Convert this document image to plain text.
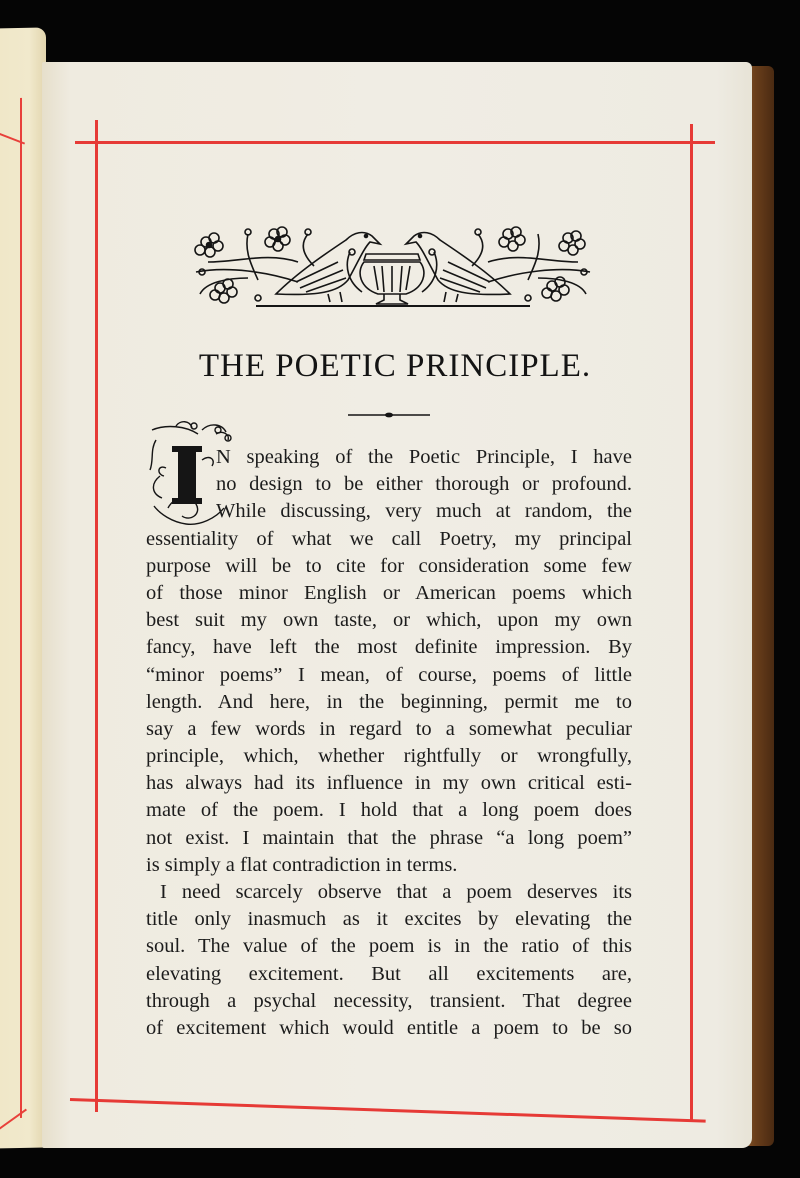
THE POETIC PRINCIPLE.
N speaking of the Poetic Principle, I have
no design to be either thorough or profound.
While discussing, very much at random, the
essentiality of what we call Poetry, my principal
purpose will be to cite for consideration some few
of those minor English or American poems which
best suit my own taste, or which, upon my own
fancy, have left the most definite impression. By
“minor poems” I mean, of course, poems of little
length. And here, in the beginning, permit me to
say a few words in regard to a somewhat peculiar
principle, which, whether rightfully or wrongfully,
has always had its influence in my own critical esti-
mate of the poem. I hold that a long poem does
not exist. I maintain that the phrase “a long poem”
is simply a flat contradiction in terms.
I need scarcely observe that a poem deserves its
title only inasmuch as it excites by elevating the
soul. The value of the poem is in the ratio of this
elevating excitement. But all excitements are,
through a psychal necessity, transient. That degree
of excitement which would entitle a poem to be so
